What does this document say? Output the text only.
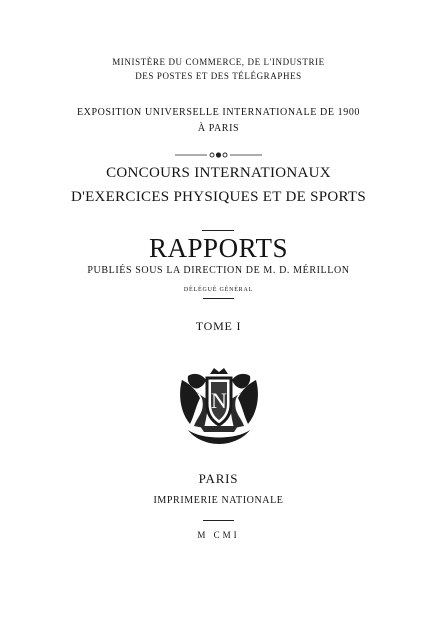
MINISTÈRE DU COMMERCE, DE L'INDUSTRIE
DES POSTES ET DES TÉLÉGRAPHES
EXPOSITION UNIVERSELLE INTERNATIONALE DE 1900
À PARIS
CONCOURS INTERNATIONAUX
D'EXERCICES PHYSIQUES ET DE SPORTS
RAPPORTS
PUBLIÉS SOUS LA DIRECTION DE M. D. MÉRILLON
DÉLÉGUÉ GÉNÉRAL
TOME I
N
PARIS
IMPRIMERIE NATIONALE
M CMI
